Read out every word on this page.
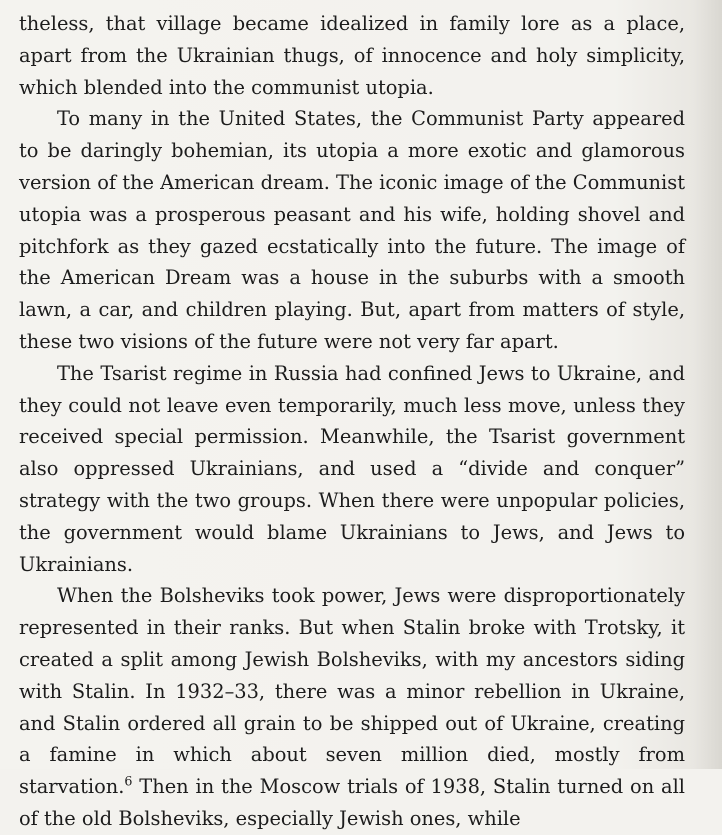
theless, that village became idealized in family lore as a place, apart from the Ukrainian thugs, of innocence and holy simplicity, which blended into the communist utopia.

To many in the United States, the Communist Party appeared to be daringly bohemian, its utopia a more exotic and glamorous version of the American dream. The iconic image of the Communist utopia was a prosperous peasant and his wife, holding shovel and pitchfork as they gazed ecstatically into the future. The image of the American Dream was a house in the suburbs with a smooth lawn, a car, and children playing. But, apart from matters of style, these two visions of the future were not very far apart.

The Tsarist regime in Russia had confined Jews to Ukraine, and they could not leave even temporarily, much less move, unless they received special permission. Meanwhile, the Tsarist government also oppressed Ukrainians, and used a “divide and conquer” strategy with the two groups. When there were unpopular policies, the government would blame Ukrainians to Jews, and Jews to Ukrainians.

When the Bolsheviks took power, Jews were disproportionately represented in their ranks. But when Stalin broke with Trotsky, it created a split among Jewish Bolsheviks, with my ancestors siding with Stalin. In 1932–33, there was a minor rebellion in Ukraine, and Stalin ordered all grain to be shipped out of Ukraine, creating a famine in which about seven million died, mostly from starvation.$^6$ Then in the Moscow trials of 1938, Stalin turned on all of the old Bolsheviks, especially Jewish ones, while
